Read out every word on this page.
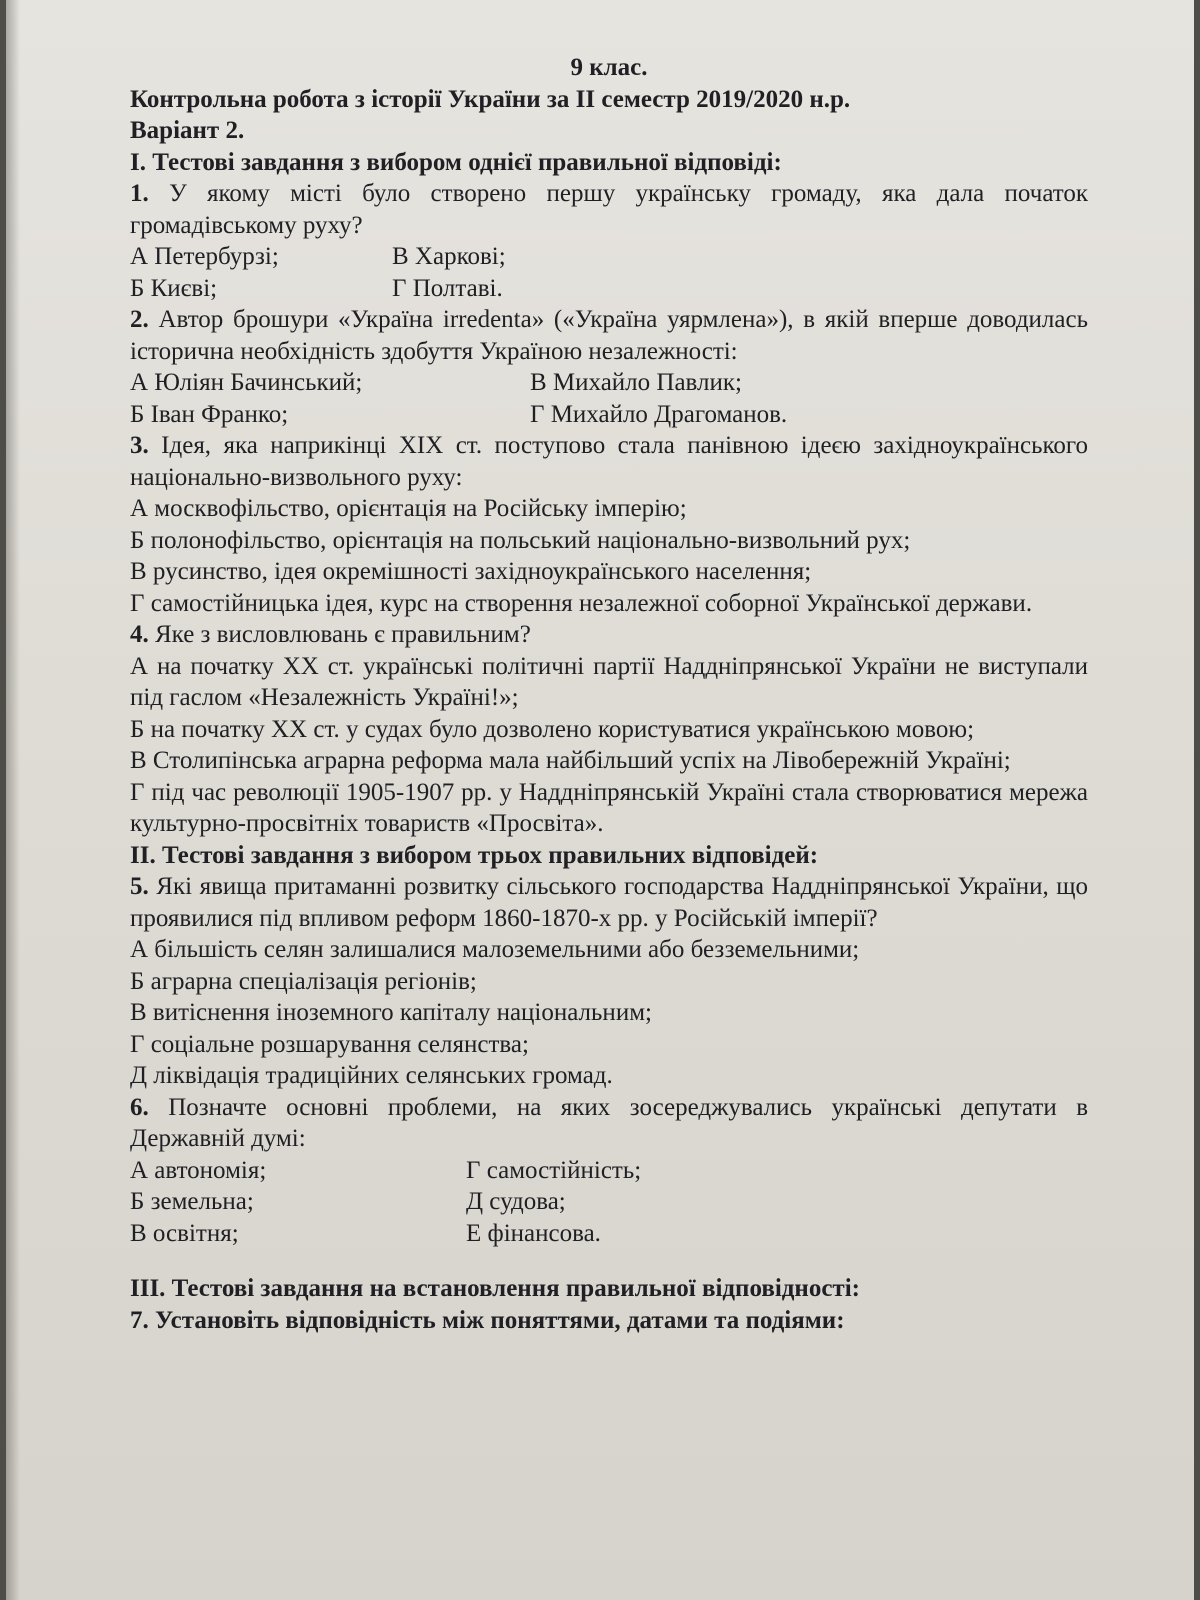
9 клас.

Контрольна робота з історії України за ІІ семестр 2019/2020 н.р.

Варіант 2.

І. Тестові завдання з вибором однієї правильної відповіді:

1. У якому місті було створено першу українську громаду, яка дала початок громадівському руху?

А Петербурзі;	В Харкові;
Б Києві;	Г Полтаві.

2. Автор брошури «Україна irredenta» («Україна уярмлена»), в якій вперше доводилась історична необхідність здобуття Україною незалежності:

А Юліян Бачинський;	В Михайло Павлик;
Б Іван Франко;	Г Михайло Драгоманов.

3. Ідея, яка наприкінці ХІХ ст. поступово стала панівною ідеєю західноукраїнського національно-визвольного руху:

А москвофільство, орієнтація на Російську імперію;

Б полонофільство, орієнтація на польський національно-визвольний рух;

В русинство, ідея окремішності західноукраїнського населення;

Г самостійницька ідея, курс на створення незалежної соборної Української держави.

4. Яке з висловлювань є правильним?

А на початку ХХ ст. українські політичні партії Наддніпрянської України не виступали під гаслом «Незалежність Україні!»;

Б на початку ХХ ст. у судах було дозволено користуватися українською мовою;

В Столипінська аграрна реформа мала найбільший успіх на Лівобережній Україні;

Г під час революції 1905-1907 рр. у Наддніпрянській Україні стала створюватися мережа культурно-просвітніх товариств «Просвіта».

ІІ. Тестові завдання з вибором трьох правильних відповідей:

5. Які явища притаманні розвитку сільського господарства Наддніпрянської України, що проявилися під впливом реформ 1860-1870-х рр. у Російській імперії?

А більшість селян залишалися малоземельними або безземельними;

Б аграрна спеціалізація регіонів;

В витіснення іноземного капіталу національним;

Г соціальне розшарування селянства;

Д ліквідація традиційних селянських громад.

6. Позначте основні проблеми, на яких зосереджувались українські депутати в Державній думі:

А автономія;	Г самостійність;
Б земельна;	Д судова;
В освітня;	Е фінансова.

ІІІ. Тестові завдання на встановлення правильної відповідності:

7. Установіть відповідність між поняттями, датами та подіями:
